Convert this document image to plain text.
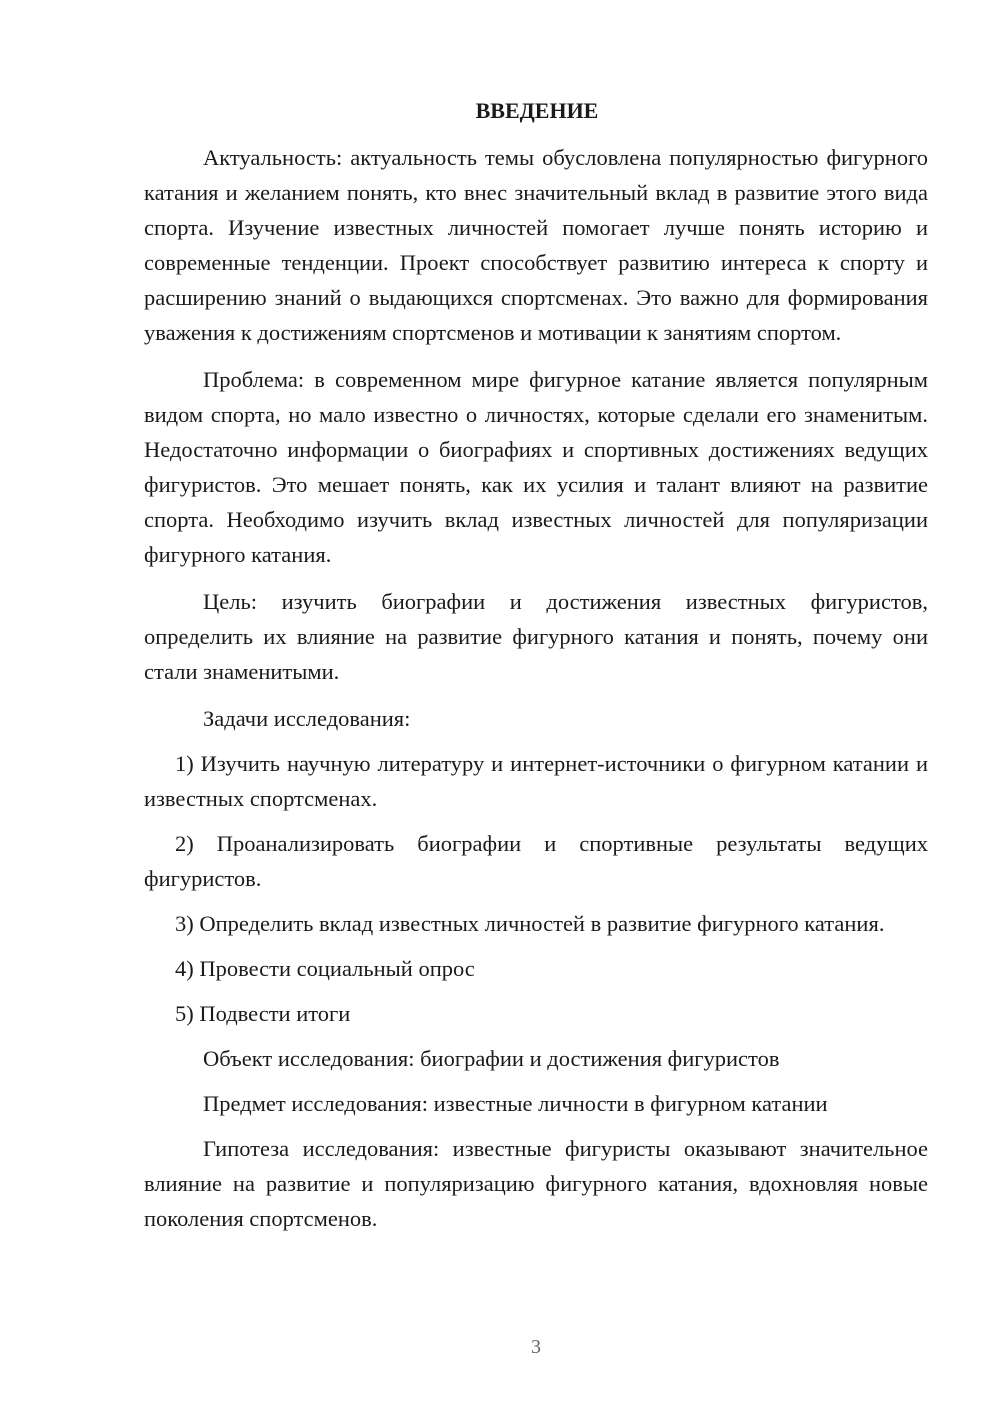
ВВЕДЕНИЕ

Актуальность: актуальность темы обусловлена популярностью фигурного катания и желанием понять, кто внес значительный вклад в развитие этого вида спорта. Изучение известных личностей помогает лучше понять историю и современные тенденции. Проект способствует развитию интереса к спорту и расширению знаний о выдающихся спортсменах. Это важно для формирования уважения к достижениям спортсменов и мотивации к занятиям спортом.

Проблема: в современном мире фигурное катание является популярным видом спорта, но мало известно о личностях, которые сделали его знаменитым. Недостаточно информации о биографиях и спортивных достижениях ведущих фигуристов. Это мешает понять, как их усилия и талант влияют на развитие спорта. Необходимо изучить вклад известных личностей для популяризации фигурного катания.

Цель: изучить биографии и достижения известных фигуристов, определить их влияние на развитие фигурного катания и понять, почему они стали знаменитыми.

Задачи исследования:

1) Изучить научную литературу и интернет-источники о фигурном катании и известных спортсменах.

2) Проанализировать биографии и спортивные результаты ведущих фигуристов.

3) Определить вклад известных личностей в развитие фигурного катания.

4) Провести социальный опрос

5) Подвести итоги

Объект исследования: биографии и достижения фигуристов

Предмет исследования: известные личности в фигурном катании

Гипотеза исследования: известные фигуристы оказывают значительное влияние на развитие и популяризацию фигурного катания, вдохновляя новые поколения спортсменов.

3
